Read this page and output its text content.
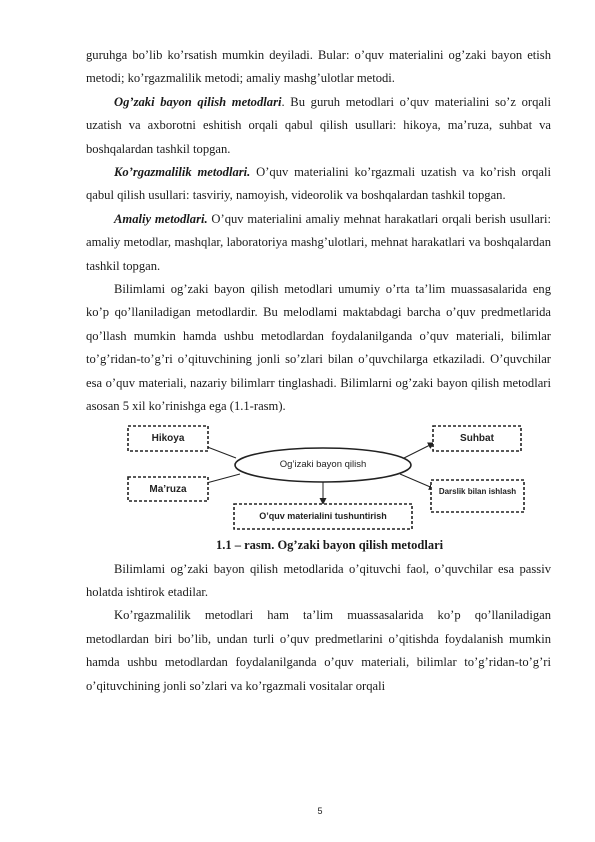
guruhga bo’lib ko’rsatish mumkin deyiladi. Bular: o’quv materialini og’zaki bayon etish metodi; ko’rgazmalilik metodi; amaliy mashg’ulotlar metodi.

Og’zaki bayon qilish metodlari. Bu guruh metodlari o’quv materialini so’z orqali uzatish va axborotni eshitish orqali qabul qilish usullari: hikoya, ma’ruza, suhbat va boshqalardan tashkil topgan.

Ko’rgazmalilik metodlari. O’quv materialini ko’rgazmali uzatish va ko’rish orqali qabul qilish usullari: tasviriy, namoyish, videorolik va boshqalardan tashkil topgan.

Amaliy metodlari. O’quv materialini amaliy mehnat harakatlari orqali berish usullari: amaliy metodlar, mashqlar, laboratoriya mashg’ulotlari, mehnat harakatlari va boshqalardan tashkil topgan.

Bilimlami og’zaki bayon qilish metodlari umumiy o’rta ta’lim muassasalarida eng ko’p qo’llaniladigan metodlardir. Bu melodlami maktabdagi barcha o’quv predmetlarida qo’llash mumkin hamda ushbu metodlardan foydalanilganda o’quv materiali, bilimlar to’g’ridan-to’g’ri o’qituvchining jonli so’zlari bilan o’quvchilarga etkaziladi. O’quvchilar esa o’quv materiali, nazariy bilimlarr tinglashadi. Bilimlarni og’zaki bayon qilish metodlari asosan 5 xil ko’rinishga ega (1.1-rasm).

Hikoya	Suhbat
Og’izaki bayon qilish
Ma’ruza	Darslik bilan ishlash
O’quv materialini tushuntirish
1.1 – rasm. Og’zaki bayon qilish metodlari

Bilimlami og’zaki bayon qilish metodlarida o’qituvchi faol, o’quvchilar esa passiv holatda ishtirok etadilar.

Ko’rgazmalilik metodlari ham ta’lim muassasalarida ko’p qo’llaniladigan metodlardan biri bo’lib, undan turli o’quv predmetlarini o’qitishda foydalanish mumkin hamda ushbu metodlardan foydalanilganda o’quv materiali, bilimlar to’g’ridan-to’g’ri o’qituvchining jonli so’zlari va ko’rgazmali vositalar orqali

5
